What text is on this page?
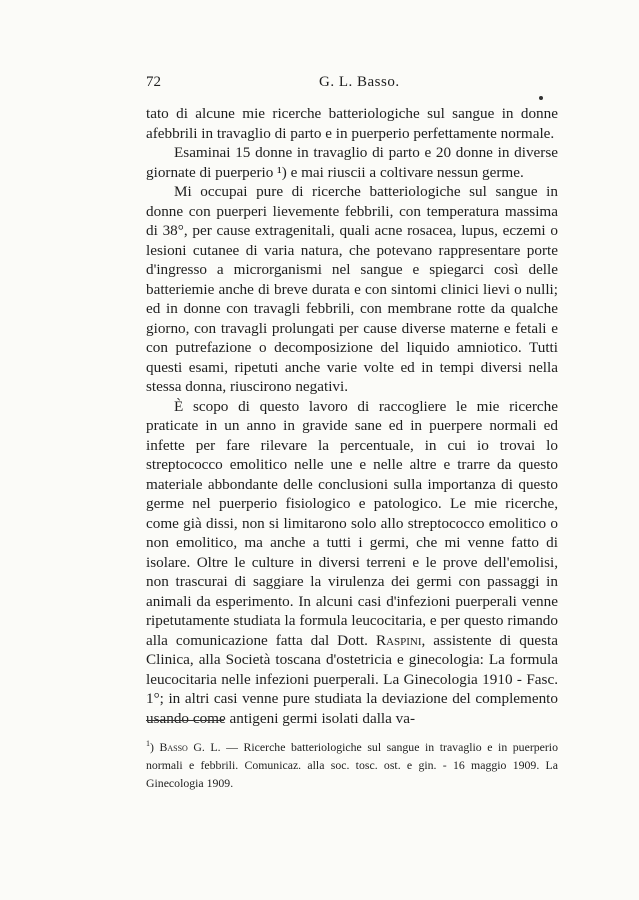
72	G. L. Basso.

tato di alcune mie ricerche batteriologiche sul sangue in donne afebbrili in travaglio di parto e in puerperio perfettamente normale.

Esaminai 15 donne in travaglio di parto e 20 donne in diverse giornate di puerperio ¹) e mai riuscii a coltivare nessun germe.

Mi occupai pure di ricerche batteriologiche sul sangue in donne con puerperi lievemente febbrili, con temperatura massima di 38°, per cause extragenitali, quali acne rosacea, lupus, eczemi o lesioni cutanee di varia natura, che potevano rappresentare porte d'ingresso a microrganismi nel sangue e spiegarci così delle batteriemie anche di breve durata e con sintomi clinici lievi o nulli; ed in donne con travagli febbrili, con membrane rotte da qualche giorno, con travagli prolungati per cause diverse materne e fetali e con putrefazione o decomposizione del liquido amniotico. Tutti questi esami, ripetuti anche varie volte ed in tempi diversi nella stessa donna, riuscirono negativi.

È scopo di questo lavoro di raccogliere le mie ricerche praticate in un anno in gravide sane ed in puerpere normali ed infette per fare rilevare la percentuale, in cui io trovai lo streptococco emolitico nelle une e nelle altre e trarre da questo materiale abbondante delle conclusioni sulla importanza di questo germe nel puerperio fisiologico e patologico. Le mie ricerche, come già dissi, non si limitarono solo allo streptococco emolitico o non emolitico, ma anche a tutti i germi, che mi venne fatto di isolare. Oltre le culture in diversi terreni e le prove dell'emolisi, non trascurai di saggiare la virulenza dei germi con passaggi in animali da esperimento. In alcuni casi d'infezioni puerperali venne ripetutamente studiata la formula leucocitaria, e per questo rimando alla comunicazione fatta dal Dott. Raspini, assistente di questa Clinica, alla Società toscana d'ostetricia e ginecologia: La formula leucocitaria nelle infezioni puerperali. La Ginecologia 1910 - Fasc. 1°; in altri casi venne pure studiata la deviazione del complemento usando come antigeni germi isolati dalla va-

$^1$) Basso G. L. — Ricerche batteriologiche sul sangue in travaglio e in puerperio normali e febbrili. Comunicaz. alla soc. tosc. ost. e gin. - 16 maggio 1909. La Ginecologia 1909.
